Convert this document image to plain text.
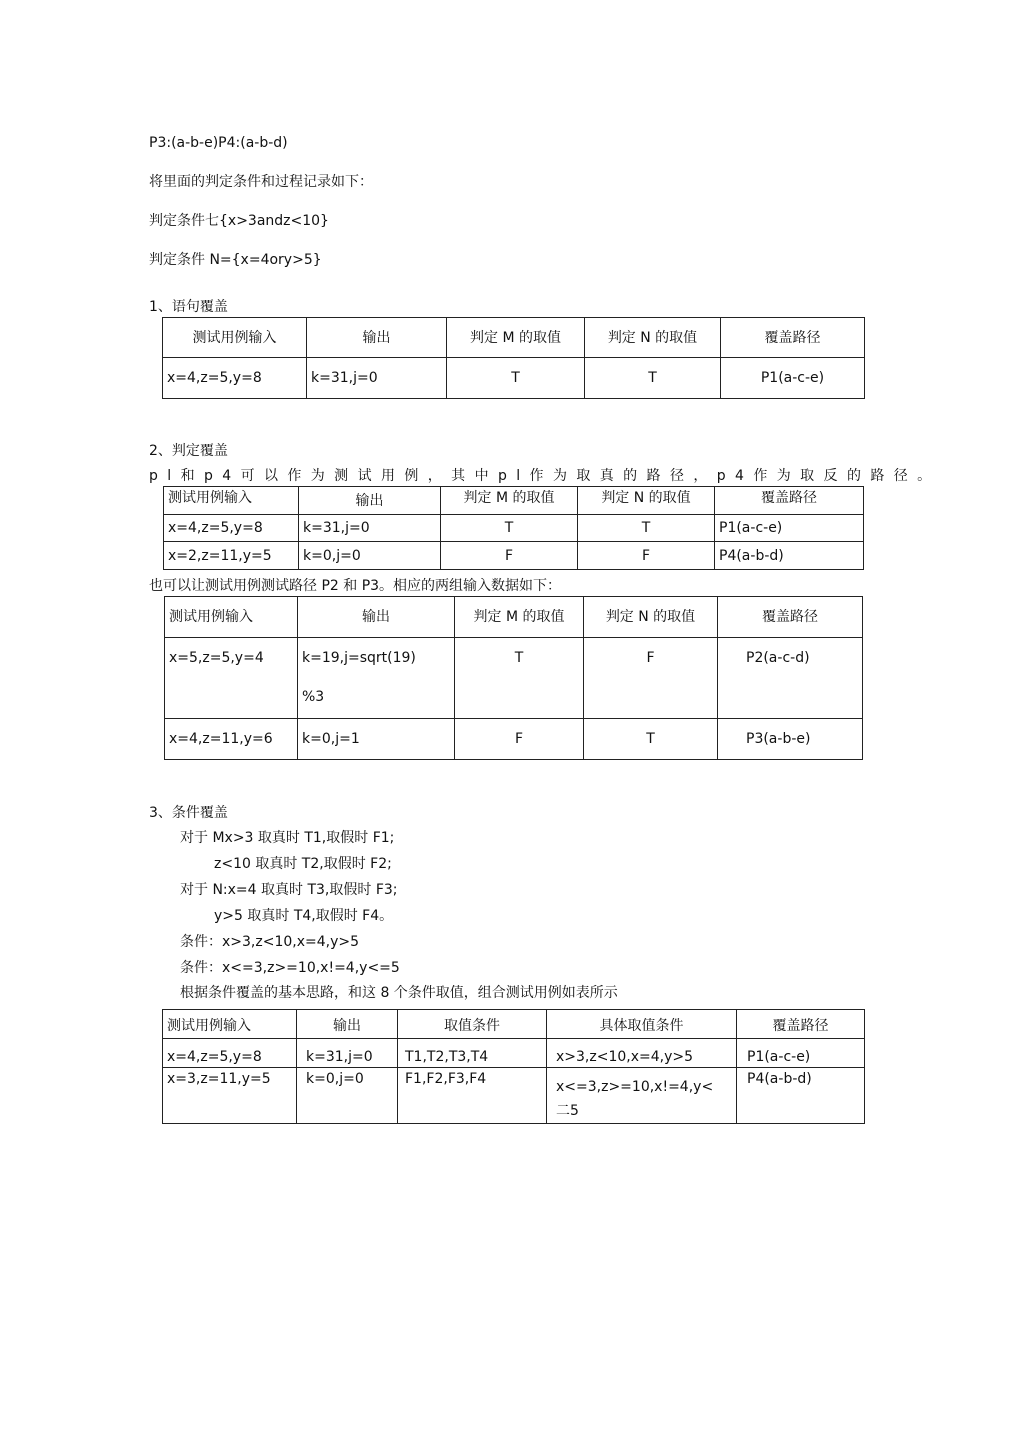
P3:(a-b-e)P4:(a-b-d)
将里面的判定条件和过程记录如下：
判定条件七{x>3andz<10}
判定条件 N={x=4ory>5}
1、语句覆盖
测试用例输入	输出	判定 M 的取值	判定 N 的取值	覆盖路径
x=4,z=5,y=8	k=31,j=0	T	T	P1(a-c-e)
2、判定覆盖
pl和p4可以作为测试用例，其中pl作为取真的路径，p4作为取反的路径。
测试用例输入	输出	判定 M 的取值	判定 N 的取值	覆盖路径
x=4,z=5,y=8	k=31,j=0	T	T	P1(a-c-e)
x=2,z=11,y=5	k=0,j=0	F	F	P4(a-b-d)
也可以让测试用例测试路径 P2 和 P3。相应的两组输入数据如下：
测试用例输入	输出	判定 M 的取值	判定 N 的取值	覆盖路径
x=5,z=5,y=4	k=19,j=sqrt(19)
%3	T	F	P2(a-c-d)
x=4,z=11,y=6	k=0,j=1	F	T	P3(a-b-e)
3、条件覆盖
对于 Mx>3 取真时 T1,取假时 F1;
z<10 取真时 T2,取假时 F2;
对于 N:x=4 取真时 T3,取假时 F3;
y>5 取真时 T4,取假时 F4。
条件：x>3,z<10,x=4,y>5
条件：x<=3,z>=10,x!=4,y<=5
根据条件覆盖的基本思路，和这 8 个条件取值，组合测试用例如表所示
测试用例输入	输出	取值条件	具体取值条件	覆盖路径
x=4,z=5,y=8	k=31,j=0	T1,T2,T3,T4	x>3,z<10,x=4,y>5	P1(a-c-e)
x=3,z=11,y=5	k=0,j=0	F1,F2,F3,F4	x<=3,z>=10,x!=4,y<
二5	P4(a-b-d)
